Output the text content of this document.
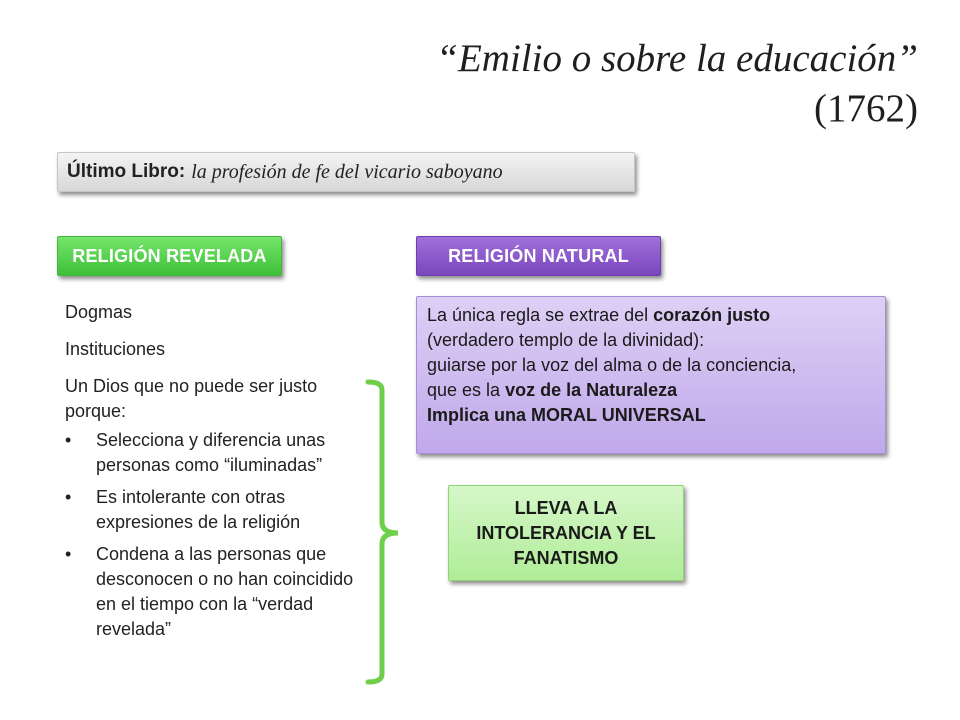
“Emilio o sobre la educación” (1762)
Último Libro: la profesión de fe del vicario saboyano
RELIGIÓN REVELADA	RELIGIÓN NATURAL

Dogmas

Instituciones

Un Dios que no puede ser justo porque:

• Selecciona y diferencia unas personas como “iluminadas”
• Es intolerante con otras expresiones de la religión
• Condena a las personas que desconocen o no han coincidido en el tiempo con la “verdad revelada”
La única regla se extrae del corazón justo
(verdadero templo de la divinidad):
guiarse por la voz del alma o de la conciencia,
que es la voz de la Naturaleza
Implica una MORAL UNIVERSAL
LLEVA A LA INTOLERANCIA Y EL FANATISMO
